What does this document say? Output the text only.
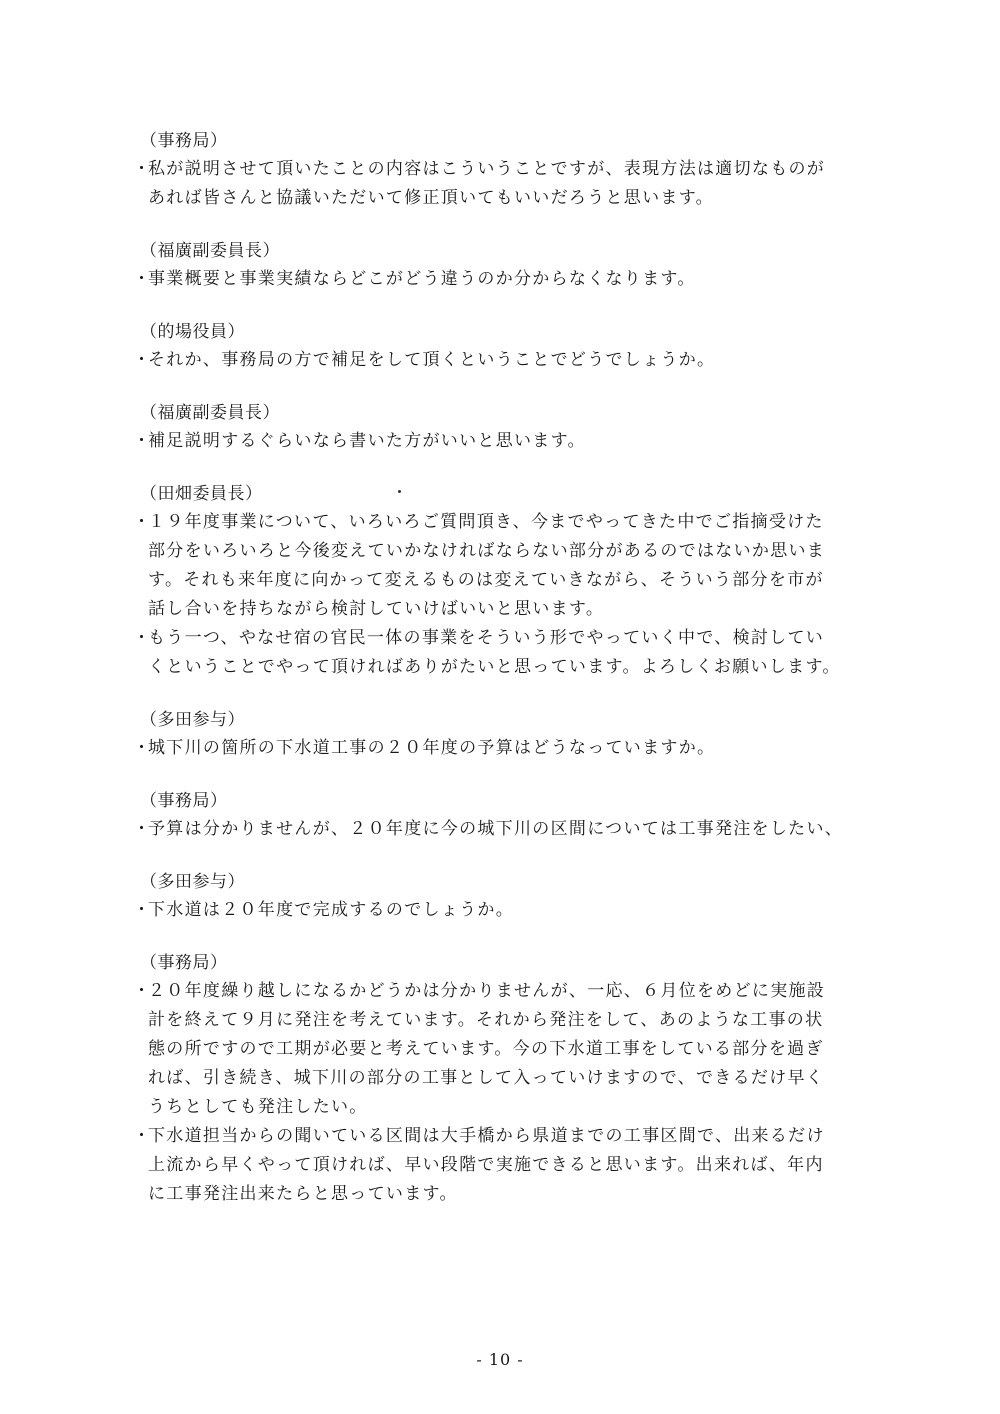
（事務局）
・
私が説明させて頂いたことの内容はこういうことですが、表現方法は適切なものが
あれば皆さんと協議いただいて修正頂いてもいいだろうと思います。
（福廣副委員長）
・
事業概要と事業実績ならどこがどう違うのか分からなくなります。
（的場役員）
・
それか、事務局の方で補足をして頂くということでどうでしょうか。
（福廣副委員長）
・
補足説明するぐらいなら書いた方がいいと思います。
（田畑委員長）
・
１９年度事業について、いろいろご質問頂き、今までやってきた中でご指摘受けた
部分をいろいろと今後変えていかなければならない部分があるのではないか思いま
す。それも来年度に向かって変えるものは変えていきながら、そういう部分を市が
話し合いを持ちながら検討していけばいいと思います。
・
もう一つ、やなせ宿の官民一体の事業をそういう形でやっていく中で、検討してい
くということでやって頂ければありがたいと思っています。よろしくお願いします。
（多田参与）
・
城下川の箇所の下水道工事の２０年度の予算はどうなっていますか。
（事務局）
・
予算は分かりませんが、２０年度に今の城下川の区間については工事発注をしたい、
（多田参与）
・
下水道は２０年度で完成するのでしょうか。
（事務局）
・
２０年度繰り越しになるかどうかは分かりませんが、一応、６月位をめどに実施設
計を終えて９月に発注を考えています。それから発注をして、あのような工事の状
態の所ですので工期が必要と考えています。今の下水道工事をしている部分を過ぎ
れば、引き続き、城下川の部分の工事として入っていけますので、できるだけ早く
うちとしても発注したい。
・
下水道担当からの聞いている区間は大手橋から県道までの工事区間で、出来るだけ
上流から早くやって頂ければ、早い段階で実施できると思います。出来れば、年内
に工事発注出来たらと思っています。
- 10 -
